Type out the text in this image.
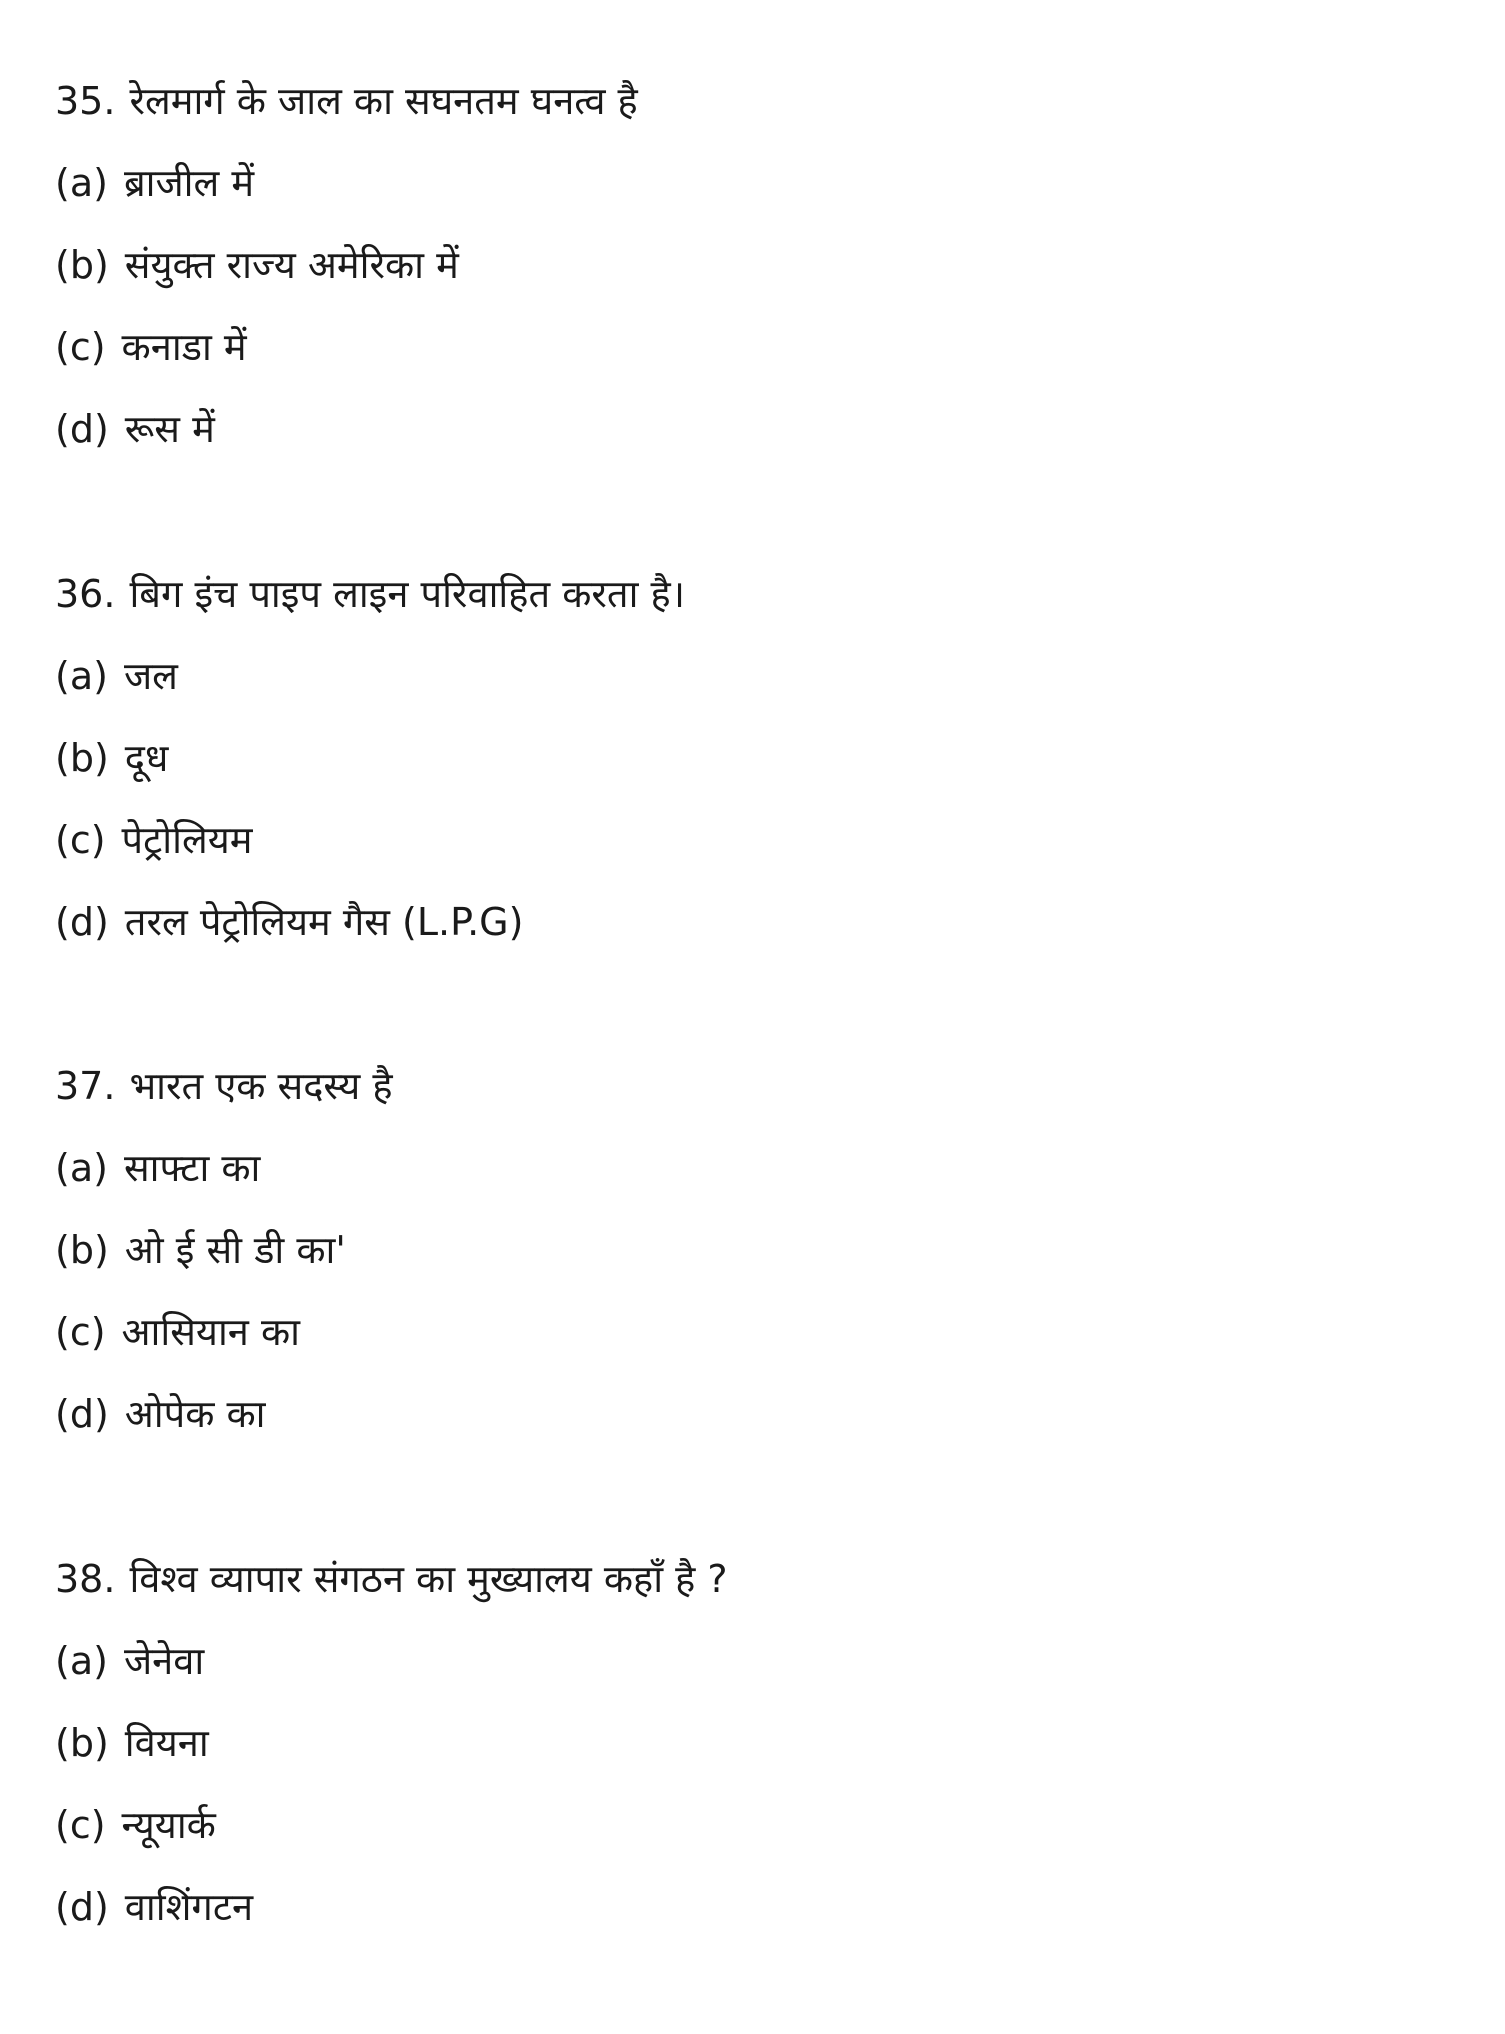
35. रेलमार्ग के जाल का सघनतम घनत्व है
(a) ब्राजील में
(b) संयुक्त राज्य अमेरिका में
(c) कनाडा में
(d) रूस में
36. बिग इंच पाइप लाइन परिवाहित करता है।
(a) जल
(b) दूध
(c) पेट्रोलियम
(d) तरल पेट्रोलियम गैस (L.P.G)
37. भारत एक सदस्य है
(a) साफ्टा का
(b) ओ ई सी डी का'
(c) आसियान का
(d) ओपेक का
38. विश्व व्यापार संगठन का मुख्यालय कहाँ है ?
(a) जेनेवा
(b) वियना
(c) न्यूयार्क
(d) वाशिंगटन
